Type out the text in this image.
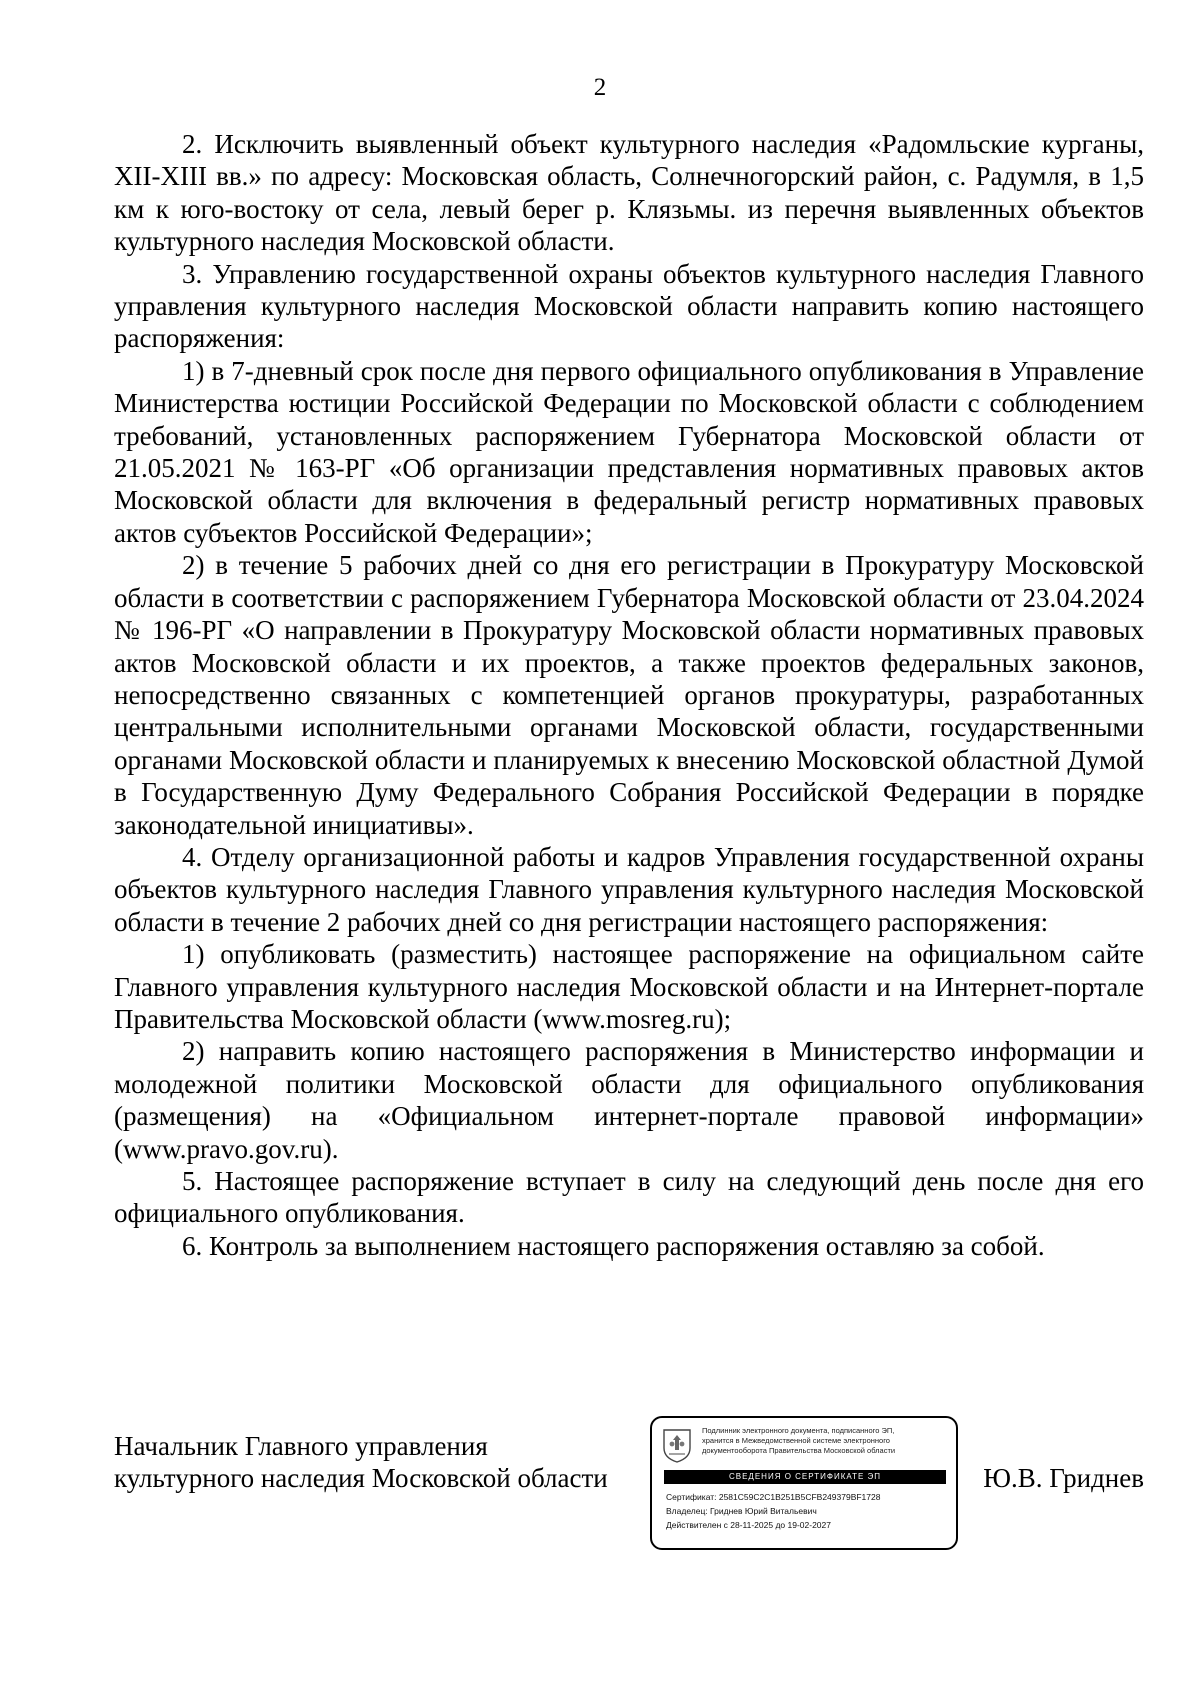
2

2. Исключить выявленный объект культурного наследия «Радомльские курганы, XII-XIII вв.» по адресу: Московская область, Солнечногорский район, с. Радумля, в 1,5 км к юго-востоку от села, левый берег р. Клязьмы. из перечня выявленных объектов культурного наследия Московской области.

3. Управлению государственной охраны объектов культурного наследия Главного управления культурного наследия Московской области направить копию настоящего распоряжения:

1) в 7-дневный срок после дня первого официального опубликования в Управление Министерства юстиции Российской Федерации по Московской области с соблюдением требований, установленных распоряжением Губернатора Московской области от 21.05.2021 № 163-РГ «Об организации представления нормативных правовых актов Московской области для включения в федеральный регистр нормативных правовых актов субъектов Российской Федерации»;

2) в течение 5 рабочих дней со дня его регистрации в Прокуратуру Московской области в соответствии с распоряжением Губернатора Московской области от 23.04.2024 № 196-РГ «О направлении в Прокуратуру Московской области нормативных правовых актов Московской области и их проектов, а также проектов федеральных законов, непосредственно связанных с компетенцией органов прокуратуры, разработанных центральными исполнительными органами Московской области, государственными органами Московской области и планируемых к внесению Московской областной Думой в Государственную Думу Федерального Собрания Российской Федерации в порядке законодательной инициативы».

4. Отделу организационной работы и кадров Управления государственной охраны объектов культурного наследия Главного управления культурного наследия Московской области в течение 2 рабочих дней со дня регистрации настоящего распоряжения:

1) опубликовать (разместить) настоящее распоряжение на официальном сайте Главного управления культурного наследия Московской области и на Интернет-портале Правительства Московской области (www.mosreg.ru);

2) направить копию настоящего распоряжения в Министерство информации и молодежной политики Московской области для официального опубликования (размещения) на «Официальном интернет-портале правовой информации» (www.pravo.gov.ru).

5. Настоящее распоряжение вступает в силу на следующий день после дня его официального опубликования.

6. Контроль за выполнением настоящего распоряжения оставляю за собой.

Начальник Главного управления
культурного наследия Московской области
Подлинник электронного документа, подписанного ЭП,
хранится в Межведомственной системе электронного
документооборота Правительства Московской области
СВЕДЕНИЯ О СЕРТИФИКАТЕ ЭП
Сертификат: 2581C59C2C1B251B5CFB249379BF1728
Владелец: Гриднев Юрий Витальевич
Действителен с 28-11-2025 до 19-02-2027
Ю.В. Гриднев
